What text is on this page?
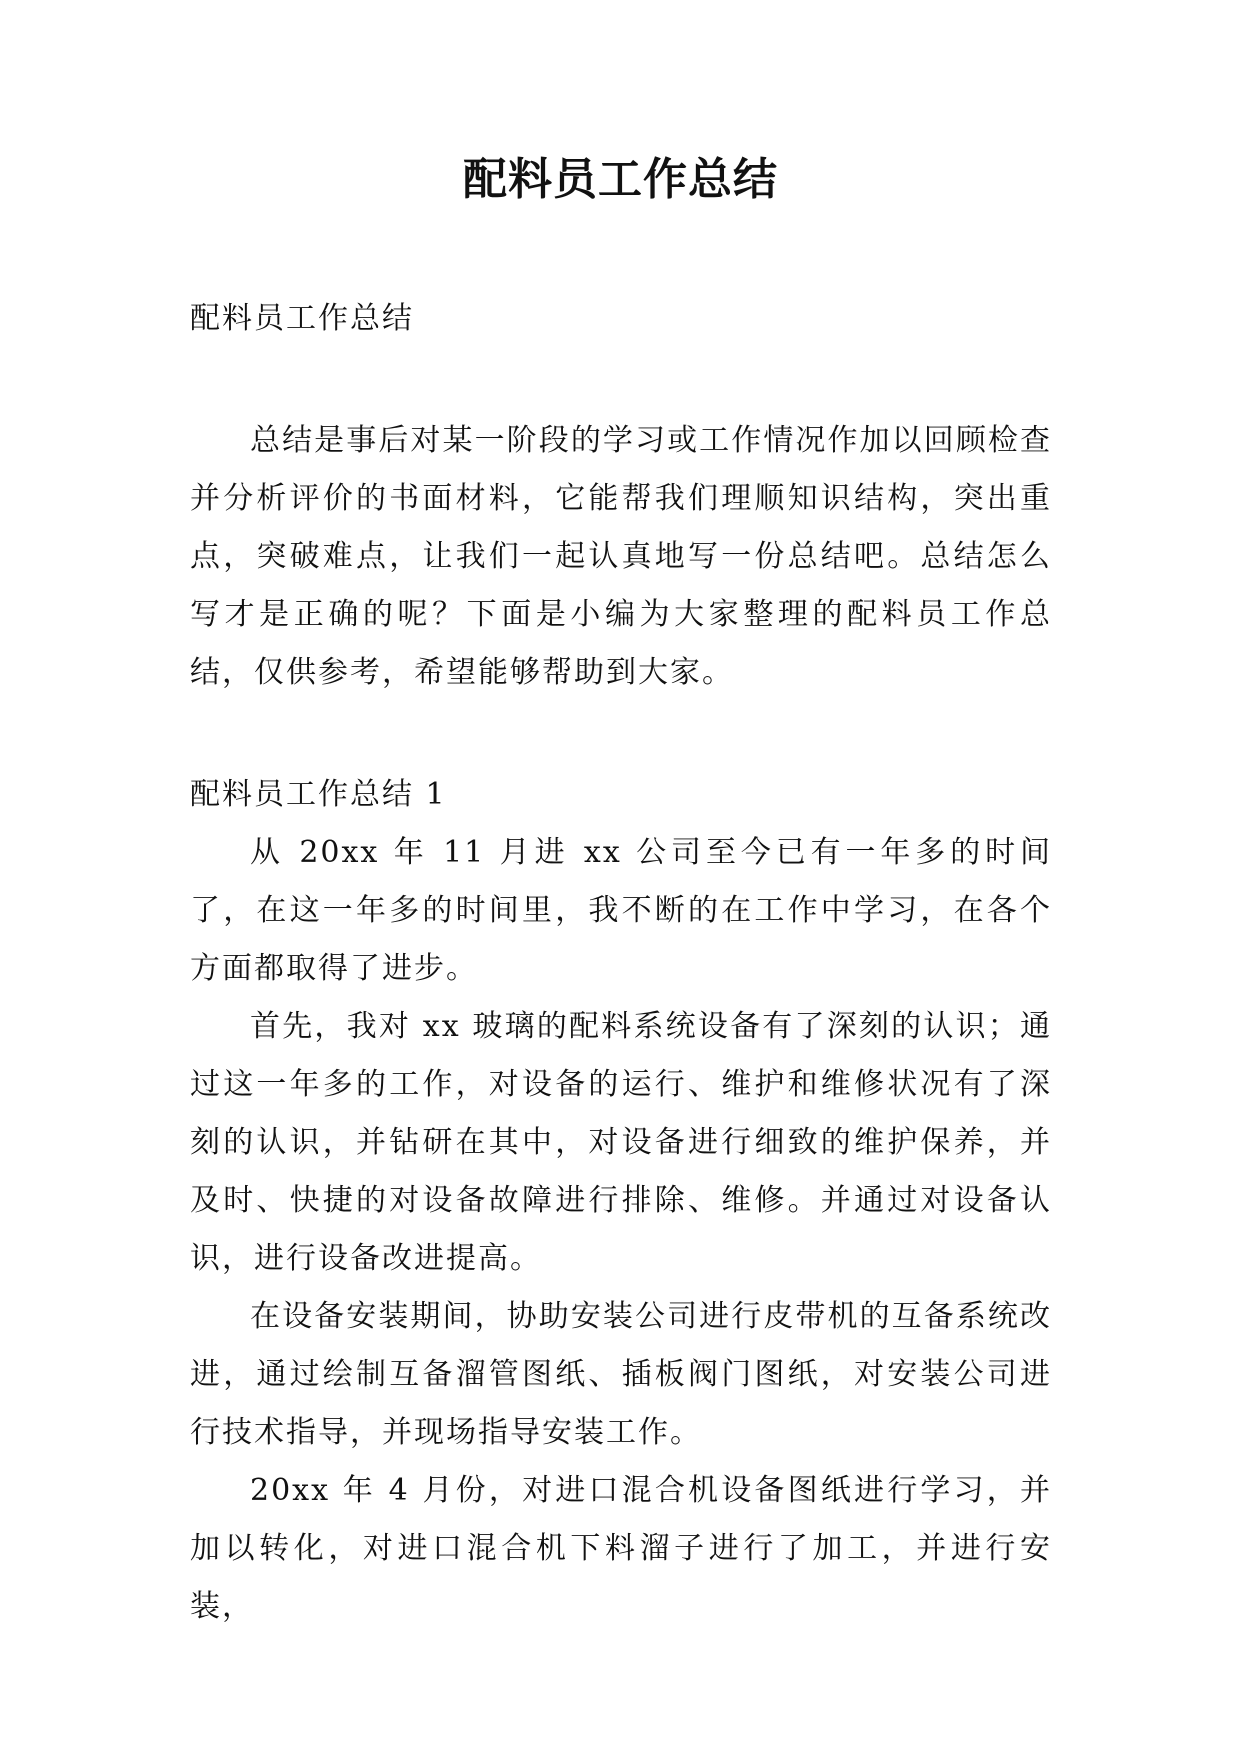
配料员工作总结

配料员工作总结

总结是事后对某一阶段的学习或工作情况作加以回顾检查并分析评价的书面材料，它能帮我们理顺知识结构，突出重点，突破难点，让我们一起认真地写一份总结吧。总结怎么写才是正确的呢？下面是小编为大家整理的配料员工作总结，仅供参考，希望能够帮助到大家。

配料员工作总结 1

从 20xx 年 11 月进 xx 公司至今已有一年多的时间了，在这一年多的时间里，我不断的在工作中学习，在各个方面都取得了进步。

首先，我对 xx 玻璃的配料系统设备有了深刻的认识；通过这一年多的工作，对设备的运行、维护和维修状况有了深刻的认识，并钻研在其中，对设备进行细致的维护保养，并及时、快捷的对设备故障进行排除、维修。并通过对设备认识，进行设备改进提高。

在设备安装期间，协助安装公司进行皮带机的互备系统改进，通过绘制互备溜管图纸、插板阀门图纸，对安装公司进行技术指导，并现场指导安装工作。

20xx 年 4 月份，对进口混合机设备图纸进行学习，并加以转化，对进口混合机下料溜子进行了加工，并进行安装，
